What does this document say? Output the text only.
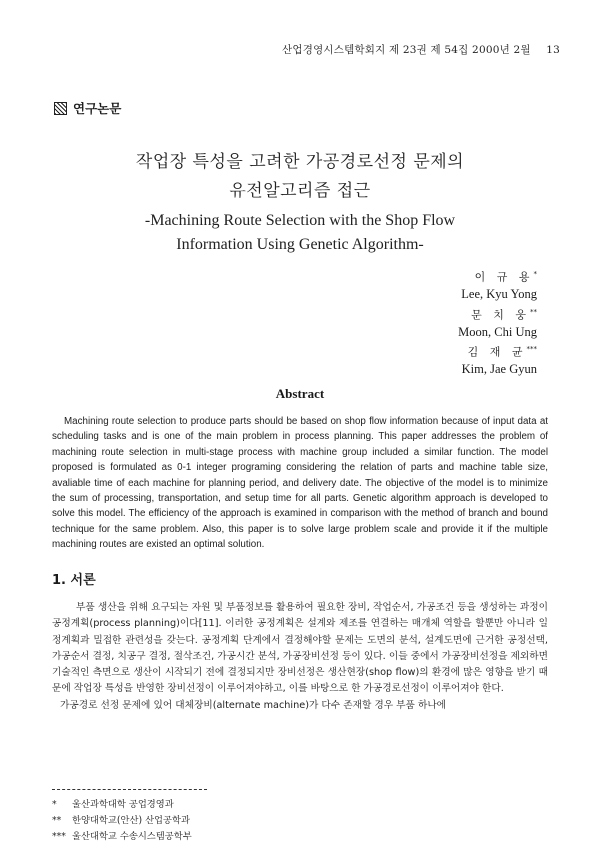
산업경영시스템학회지 제 23권 제 54집 2000년 2월 13
연구논문
작업장 특성을 고려한 가공경로선정 문제의
유전알고리즘 접근
-Machining Route Selection with the Shop Flow
Information Using Genetic Algorithm-
이 규 용*
Lee, Kyu Yong
문 치 웅**
Moon, Chi Ung
김 재 균***
Kim, Jae Gyun
Abstract
Machining route selection to produce parts should be based on shop flow information because of input data at scheduling tasks and is one of the main problem in process planning. This paper addresses the problem of machining route selection in multi-stage process with machine group included a similar function. The model proposed is formulated as 0-1 integer programing considering the relation of parts and machine table size, avaliable time of each machine for planning period, and delivery date. The objective of the model is to minimize the sum of processing, transportation, and setup time for all parts. Genetic algorithm approach is developed to solve this model. The efficiency of the approach is examined in comparison with the method of branch and bound technique for the same problem. Also, this paper is to solve large problem scale and provide it if the multiple machining routes are existed an optimal solution.
1. 서론

부품 생산을 위해 요구되는 자원 및 부품정보를 활용하여 필요한 장비, 작업순서, 가공조건 등을 생성하는 과정이 공정계획(process planning)이다[11]. 이러한 공정계획은 설계와 제조를 연결하는 매개체 역할을 할뿐만 아니라 일정계획과 밀접한 관련성을 갖는다. 공정계획 단계에서 결정해야할 문제는 도면의 분석, 설계도면에 근거한 공정선택, 가공순서 결정, 치공구 결정, 절삭조건, 가공시간 분석, 가공장비선정 등이 있다. 이들 중에서 가공장비선정을 제외하면 기술적인 측면으로 생산이 시작되기 전에 결정되지만 장비선정은 생산현장(shop flow)의 환경에 많은 영향을 받기 때문에 작업장 특성을 반영한 장비선정이 이루어져야하고, 이를 바탕으로 한 가공경로선정이 이루어져야 한다.

가공경로 선정 문제에 있어 대체장비(alternate machine)가 다수 존재할 경우 부품 하나에

* 울산과학대학 공업경영과
** 한양대학교(안산) 산업공학과
*** 울산대학교 수송시스템공학부
